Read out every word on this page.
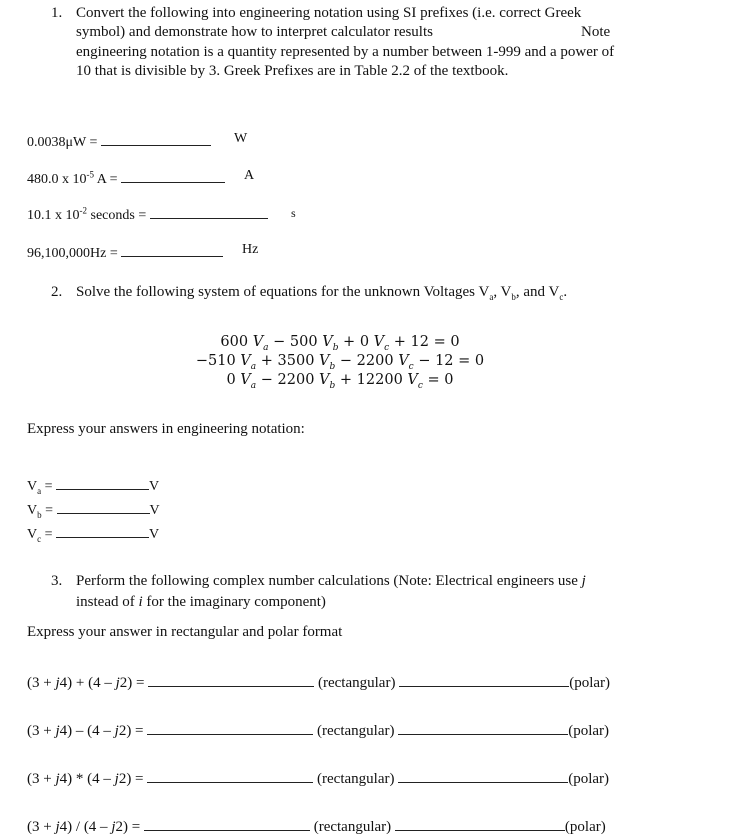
1. Convert the following into engineering notation using SI prefixes (i.e. correct Greek
symbol) and demonstrate how to interpret calculator results	Note
engineering notation is a quantity represented by a number between 1-999 and a power of
10 that is divisible by 3. Greek Prefixes are in Table 2.2 of the textbook.
0.0038μW =	W
480.0 x $10^{-5}$ A =	A
10.1 x $10^{-2}$ seconds =	s
96,100,000Hz =	Hz
2. Solve the following system of equations for the unknown Voltages $V_a$, $V_b$, and $V_c$.
600 $V_a - 500$ $V_b + 0$ $V_c + 12 = 0$
−510 $V_a + 3500$ $V_b - 2200$ $V_c - 12 = 0$
0 $V_a - 2200$ $V_b + 12200$ $V_c = 0$
Express your answers in engineering notation:
$V_a$ =	V
$V_b$ =	V
$V_c$ =	V
3. Perform the following complex number calculations (Note: Electrical engineers use j
instead of i for the imaginary component)
Express your answer in rectangular and polar format
(3 + j4) + (4 – j2) =	(rectangular)	(polar)
(3 + j4) – (4 – j2) =	(rectangular)	(polar)
(3 + j4) * (4 – j2) =	(rectangular)	(polar)
(3 + j4) / (4 – j2) =	(rectangular)	(polar)
